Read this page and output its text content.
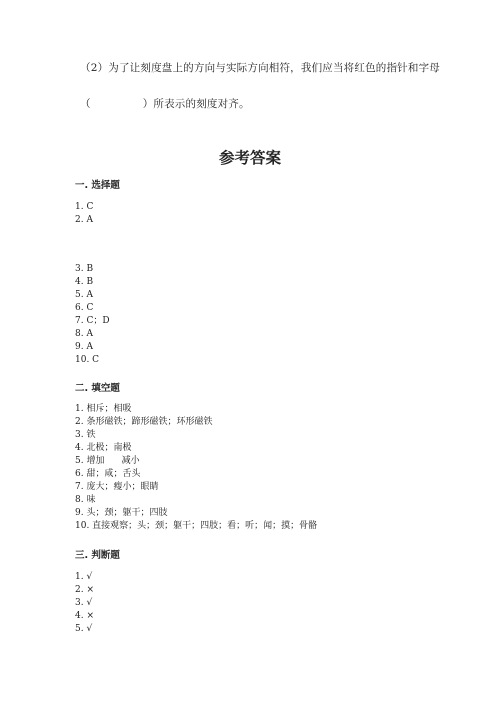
（2）为了让刻度盘上的方向与实际方向相符，我们应当将红色的指针和字母
（	）所表示的刻度对齐。
参考答案
一. 选择题
1. C
2. A
3. B
4. B
5. A
6. C
7. C；D
8. A
9. A
10. C
二. 填空题
1. 相斥；相吸
2. 条形磁铁；蹄形磁铁；环形磁铁
3. 铁
4. 北极；南极
5. 增加      减小
6. 甜；咸；舌头
7. 庞大；瘦小；眼睛
8. 味
9. 头；颈；躯干；四肢
10. 直接观察；头；颈；躯干；四肢；看；听；闻；摸；骨骼
三. 判断题
1. √
2. ×
3. √
4. ×
5. √
